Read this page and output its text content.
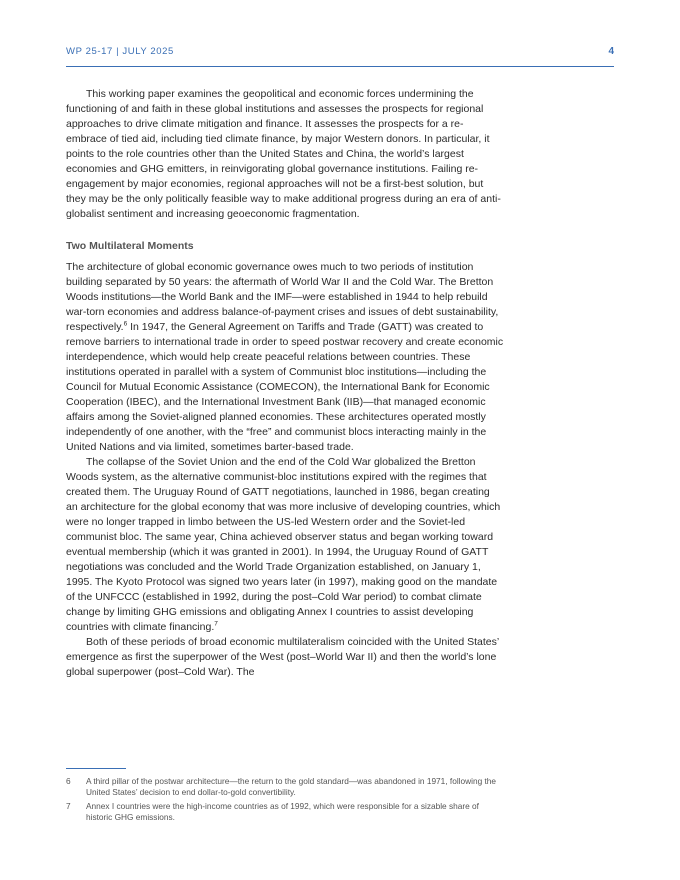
WP 25-17 | JULY 2025	4

This working paper examines the geopolitical and economic forces undermining the functioning of and faith in these global institutions and assesses the prospects for regional approaches to drive climate mitigation and finance. It assesses the prospects for a re-embrace of tied aid, including tied climate finance, by major Western donors. In particular, it points to the role countries other than the United States and China, the world’s largest economies and GHG emitters, in reinvigorating global governance institutions. Failing re-engagement by major economies, regional approaches will not be a first-best solution, but they may be the only politically feasible way to make additional progress during an era of anti-globalist sentiment and increasing geoeconomic fragmentation.

Two Multilateral Moments

The architecture of global economic governance owes much to two periods of institution building separated by 50 years: the aftermath of World War II and the Cold War. The Bretton Woods institutions—the World Bank and the IMF—were established in 1944 to help rebuild war-torn economies and address balance-of-payment crises and issues of debt sustainability, respectively.$^6$ In 1947, the General Agreement on Tariffs and Trade (GATT) was created to remove barriers to international trade in order to speed postwar recovery and create economic interdependence, which would help create peaceful relations between countries. These institutions operated in parallel with a system of Communist bloc institutions—including the Council for Mutual Economic Assistance (COMECON), the International Bank for Economic Cooperation (IBEC), and the International Investment Bank (IIB)—that managed economic affairs among the Soviet-aligned planned economies. These architectures operated mostly independently of one another, with the “free” and communist blocs interacting mainly in the United Nations and via limited, sometimes barter-based trade.

The collapse of the Soviet Union and the end of the Cold War globalized the Bretton Woods system, as the alternative communist-bloc institutions expired with the regimes that created them. The Uruguay Round of GATT negotiations, launched in 1986, began creating an architecture for the global economy that was more inclusive of developing countries, which were no longer trapped in limbo between the US-led Western order and the Soviet-led communist bloc. The same year, China achieved observer status and began working toward eventual membership (which it was granted in 2001). In 1994, the Uruguay Round of GATT negotiations was concluded and the World Trade Organization established, on January 1, 1995. The Kyoto Protocol was signed two years later (in 1997), making good on the mandate of the UNFCCC (established in 1992, during the post–Cold War period) to combat climate change by limiting GHG emissions and obligating Annex I countries to assist developing countries with climate financing.$^7$

Both of these periods of broad economic multilateralism coincided with the United States’ emergence as first the superpower of the West (post–World War II) and then the world’s lone global superpower (post–Cold War). The

6	A third pillar of the postwar architecture—the return to the gold standard—was abandoned in 1971, following the United States’ decision to end dollar-to-gold convertibility.
7	Annex I countries were the high-income countries as of 1992, which were responsible for a sizable share of historic GHG emissions.
